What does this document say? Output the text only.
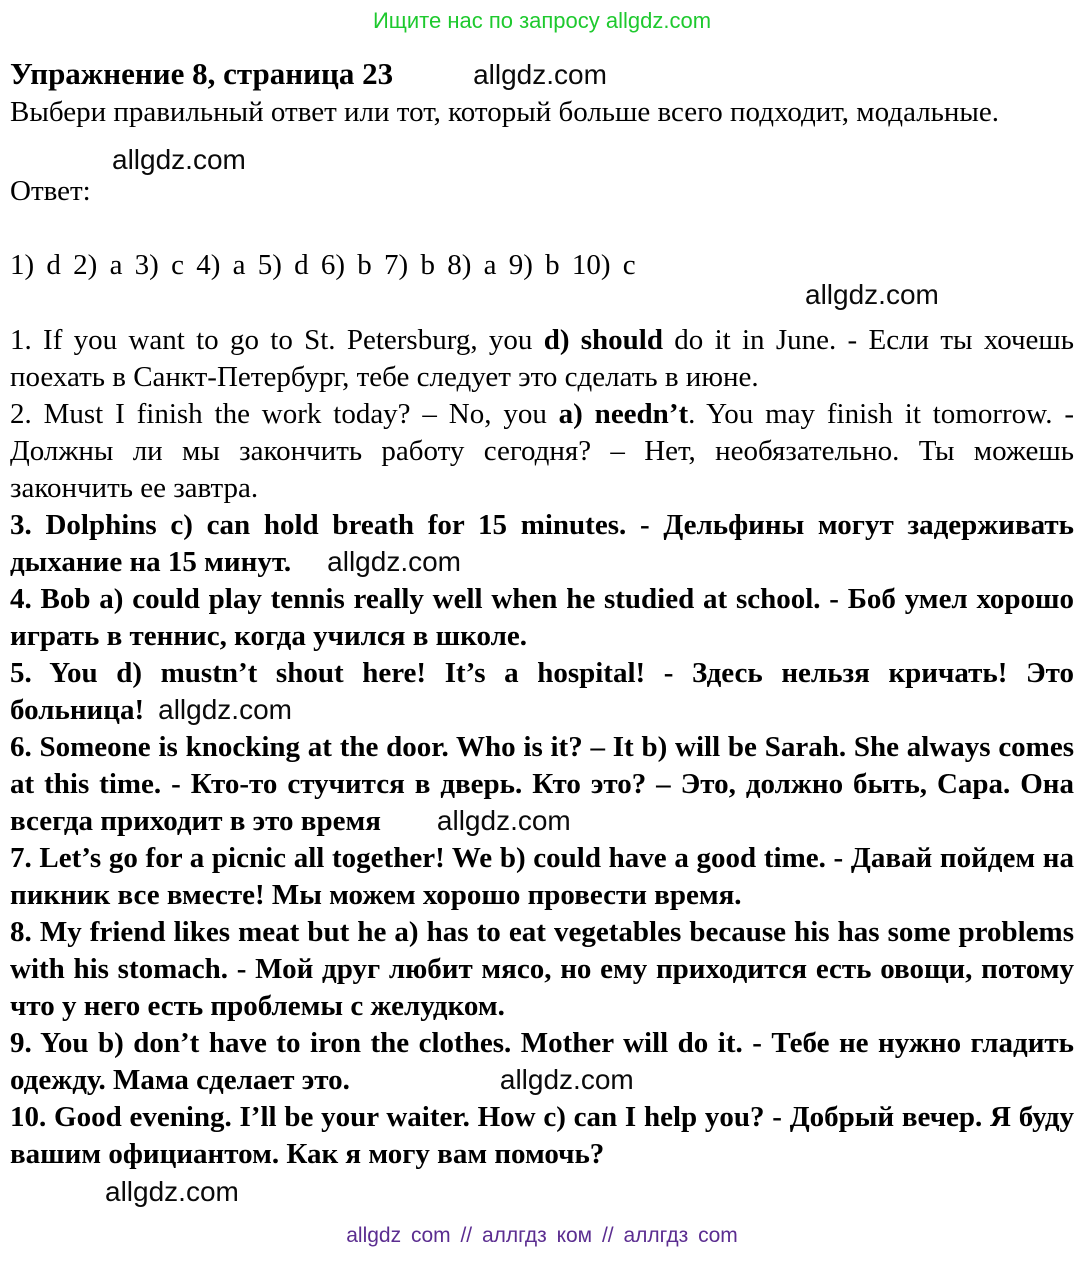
Ищите нас по запросу allgdz.com
Упражнение 8, страница 23	allgdz.com

Выбери правильный ответ или тот, который больше всего подходит, модальные.

allgdz.com
Ответ:

1) d 2) a 3) c 4) a 5) d 6) b 7) b 8) a 9) b 10) c

allgdz.com

1. If you want to go to St. Petersburg, you d) should do it in June. - Если ты хочешь поехать в Санкт-Петербург, тебе следует это сделать в июне.

2. Must I finish the work today? – No, you a) needn’t. You may finish it tomorrow. - Должны ли мы закончить работу сегодня? – Нет, необязательно. Ты можешь закончить ее завтра.

3. Dolphins c) can hold breath for 15 minutes. - Дельфины могут задерживать дыхание на 15 минут. allgdz.com

4. Bob a) could play tennis really well when he studied at school. - Боб умел хорошо играть в теннис, когда учился в школе.

5. You d) mustn’t shout here! It’s a hospital! - Здесь нельзя кричать! Это больница! allgdz.com

6. Someone is knocking at the door. Who is it? – It b) will be Sarah. She always comes at this time. - Кто-то стучится в дверь. Кто это? – Это, должно быть, Сара. Она всегда приходит в это время allgdz.com

7. Let’s go for a picnic all together! We b) could have a good time. - Давай пойдем на пикник все вместе! Мы можем хорошо провести время.

8. My friend likes meat but he a) has to eat vegetables because his has some problems with his stomach. - Мой друг любит мясо, но ему приходится есть овощи, потому что у него есть проблемы с желудком.

9. You b) don’t have to iron the clothes. Mother will do it. - Тебе не нужно гладить одежду. Мама сделает это.	allgdz.com

10. Good evening. I’ll be your waiter. How c) can I help you? - Добрый вечер. Я буду вашим официантом. Как я могу вам помочь?

allgdz.com
allgdz com // аллгдз ком // аллгдз com
